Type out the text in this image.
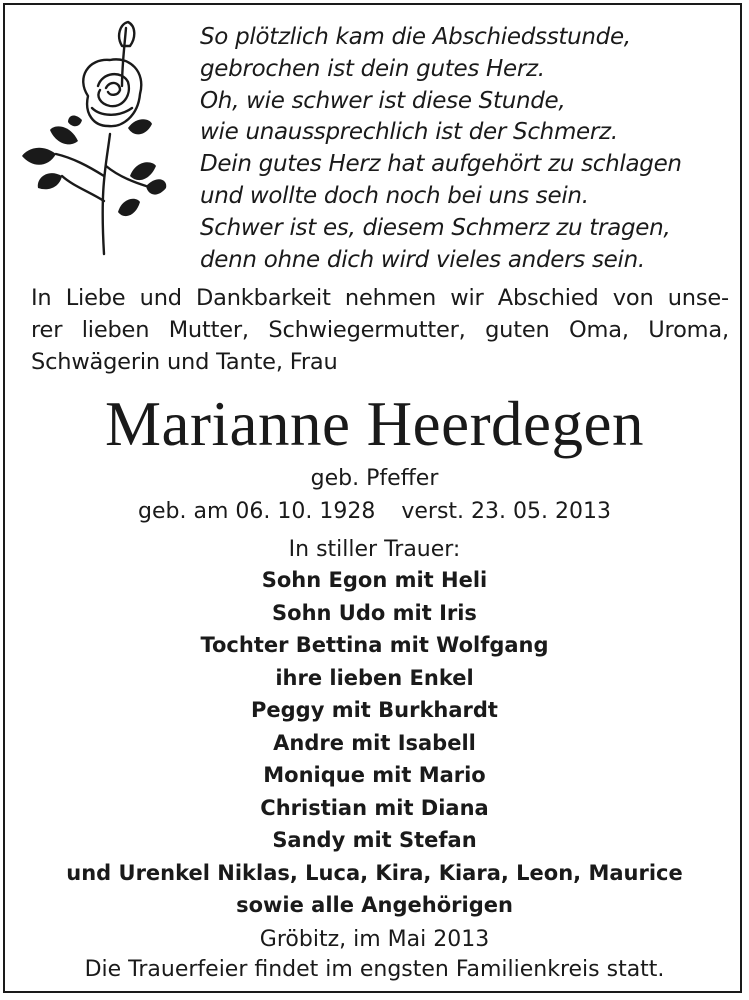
So plötzlich kam die Abschiedsstunde,
gebrochen ist dein gutes Herz.
Oh, wie schwer ist diese Stunde,
wie unaussprechlich ist der Schmerz.
Dein gutes Herz hat aufgehört zu schlagen
und wollte doch noch bei uns sein.
Schwer ist es, diesem Schmerz zu tragen,
denn ohne dich wird vieles anders sein.
In Liebe und Dankbarkeit nehmen wir Abschied von unse-
rer lieben Mutter, Schwiegermutter, guten Oma, Uroma,
Schwägerin und Tante, Frau
Marianne Heerdegen
geb. Pfeffer
geb. am 06. 10. 1928 verst. 23. 05. 2013
In stiller Trauer:
Sohn Egon mit Heli
Sohn Udo mit Iris
Tochter Bettina mit Wolfgang
ihre lieben Enkel
Peggy mit Burkhardt
Andre mit Isabell
Monique mit Mario
Christian mit Diana
Sandy mit Stefan
und Urenkel Niklas, Luca, Kira, Kiara, Leon, Maurice
sowie alle Angehörigen
Gröbitz, im Mai 2013
Die Trauerfeier findet im engsten Familienkreis statt.
